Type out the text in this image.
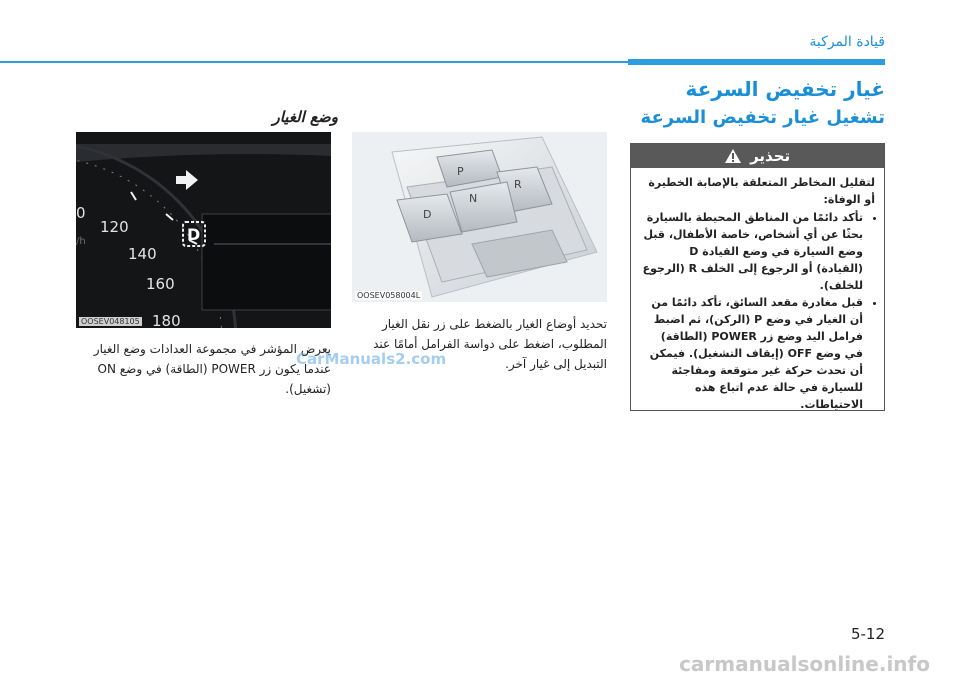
قيادة المركبة
غيار تخفيض السرعة
تشغيل غيار تخفيض السرعة
تحذير

لتقليل المخاطر المتعلقة بالإصابة الخطيرة أو الوفاة:

• تأكد دائمًا من المناطق المحيطة بالسيارة بحثًا عن أي أشخاص، خاصة الأطفال، قبل وضع السيارة في وضع القيادة D (القيادة) أو الرجوع إلى الخلف R (الرجوع للخلف).
• قبل مغادرة مقعد السائق، تأكد دائمًا من أن الغيار في وضع P (الركن)، ثم اضبط فرامل اليد وضع زر POWER (الطاقة) في وضع OFF (إيقاف التشغيل). فيمكن أن تحدث حركة غير متوقعة ومفاجئة للسيارة في حالة عدم اتباع هذه الاحتياطات.
P
R
N
D
OOSEV058004L
تحديد أوضاع الغيار بالضغط على زر نقل الغيار المطلوب، اضغط على دواسة الفرامل أمامًا عند التبديل إلى غيار آخر.
وضع الغيار
0
120
140
160
180
/h	D
OOSEV048105
يعرض المؤشر في مجموعة العدادات وضع الغيار عندما يكون زر POWER (الطاقة) في وضع ON (تشغيل).
CarManuals2.com
5-12
carmanualsonline.info
